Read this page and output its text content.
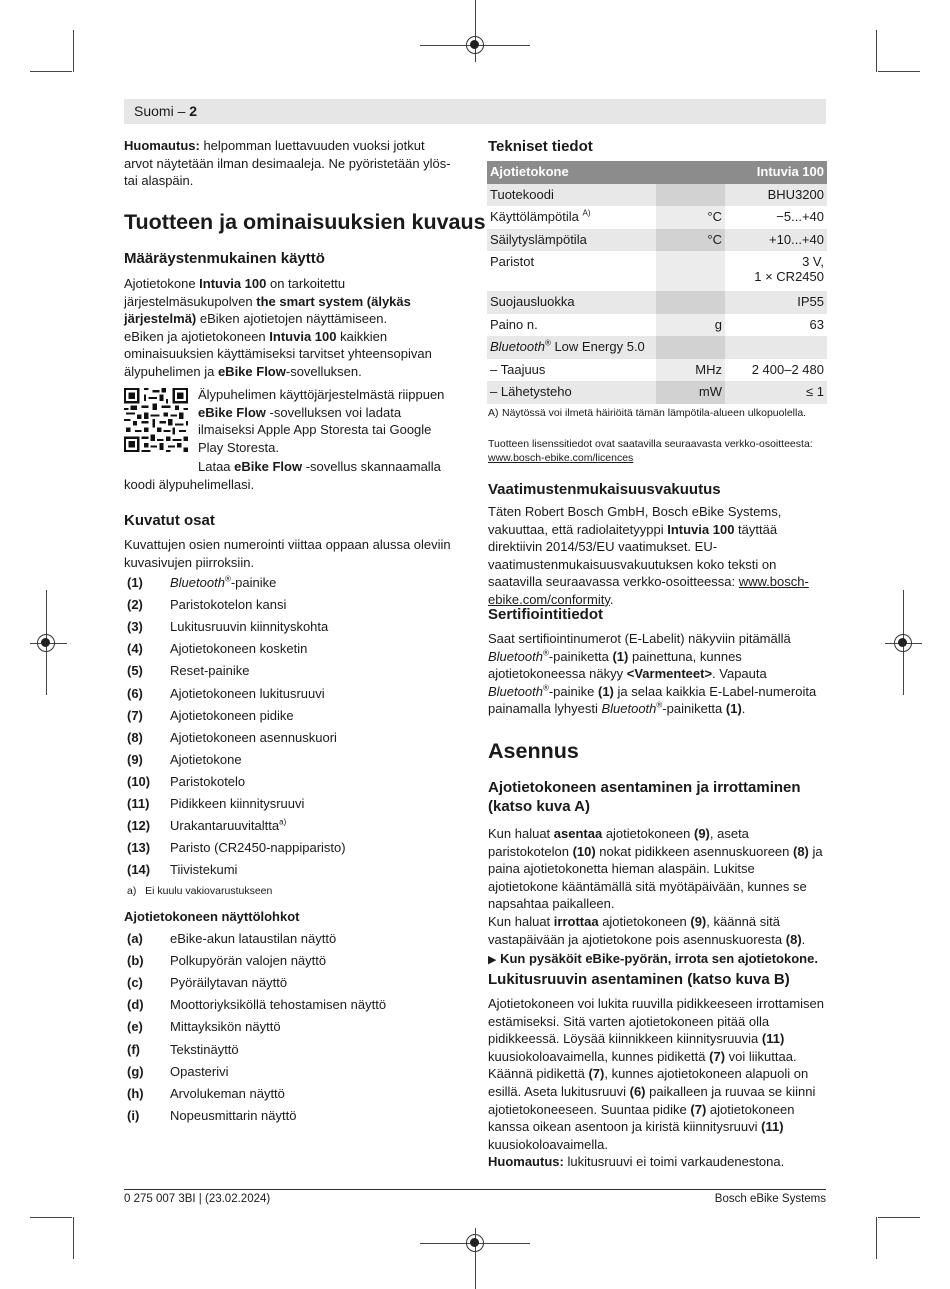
Suomi – 2

Huomautus: helpomman luettavuuden vuoksi jotkut arvot näytetään ilman desimaaleja. Ne pyöristetään ylös- tai alaspäin.

Tuotteen ja ominaisuuksien kuvaus
Määräystenmukainen käyttö

Ajotietokone Intuvia 100 on tarkoitettu järjestelmäsukupolven the smart system (älykäs järjestelmä) eBiken ajotietojen näyttämiseen.

eBiken ja ajotietokoneen Intuvia 100 kaikkien ominaisuuksien käyttämiseksi tarvitset yhteensopivan älypuhelimen ja eBike Flow-sovelluksen.

Älypuhelimen käyttöjärjestelmästä riippuen eBike Flow -sovelluksen voi ladata ilmaiseksi Apple App Storesta tai Google Play Storesta.

Lataa eBike Flow -sovellus skannaamalla koodi älypuhelimellasi.

Kuvatut osat
Kuvattujen osien numerointi viittaa oppaan alussa oleviin kuvasivujen piirroksiin.
(1) Bluetooth®-painike
(2) Paristokotelon kansi
(3) Lukitusruuvin kiinnityskohta
(4) Ajotietokoneen kosketin
(5) Reset-painike
(6) Ajotietokoneen lukitusruuvi
(7) Ajotietokoneen pidike
(8) Ajotietokoneen asennuskuori
(9) Ajotietokone
(10) Paristokotelo
(11) Pidikkeen kiinnitysruuvi
(12) Urakantaruuvitaltta$^{a)}$
(13) Paristo (CR2450-nappiparisto)
(14) Tiivistekumi
a) Ei kuulu vakiovarustukseen
Ajotietokoneen näyttölohkot
(a) eBike-akun lataustilan näyttö
(b) Polkupyörän valojen näyttö
(c) Pyöräilytavan näyttö
(d) Moottoriyksiköllä tehostamisen näyttö
(e) Mittayksikön näyttö
(f) Tekstinäyttö
(g) Opasterivi
(h) Arvolukeman näyttö
(i) Nopeusmittarin näyttö
Tekniset tiedot
Ajotietokone		Intuvia 100
Tuotekoodi		BHU3200

Käyttölämpötila $^{A)}$	°C	−5...+40

Säilytyslämpötila	°C	+10...+40

Paristot		3 V,
1 × CR2450

Suojausluokka		IP55

Paino n.	g	63

Bluetooth® Low Energy 5.0		

– Taajuus	MHz	2 400–2 480

– Lähetysteho	mW	≤ 1
A) Näytössä voi ilmetä häiriöitä tämän lämpötila-alueen ulkopuolella.
Tuotteen lisenssitiedot ovat saatavilla seuraavasta verkko-osoitteesta: www.bosch-ebike.com/licences
Vaatimustenmukaisuusvakuutus

Täten Robert Bosch GmbH, Bosch eBike Systems, vakuuttaa, että radiolaitetyyppi Intuvia 100 täyttää direktiivin 2014/53/EU vaatimukset. EU-vaatimustenmukaisuusvakuutuksen koko teksti on saatavilla seuraavassa verkko-osoitteessa: www.bosch-ebike.com/conformity.

Sertifiointitiedot

Saat sertifiointinumerot (E-Labelit) näkyviin pitämällä Bluetooth®-painiketta (1) painettuna, kunnes ajotietokoneessa näkyy <Varmenteet>. Vapauta Bluetooth®-painike (1) ja selaa kaikkia E-Label-numeroita painamalla lyhyesti Bluetooth®-painiketta (1).

Asennus
Ajotietokoneen asentaminen ja irrottaminen (katso kuva A)

Kun haluat asentaa ajotietokoneen (9), aseta paristokotelon (10) nokat pidikkeen asennuskuoreen (8) ja paina ajotietokonetta hieman alaspäin. Lukitse ajotietokone kääntämällä sitä myötäpäivään, kunnes se napsahtaa paikalleen.

Kun haluat irrottaa ajotietokoneen (9), käännä sitä vastapäivään ja ajotietokone pois asennuskuoresta (8).

▶ Kun pysäköit eBike-pyörän, irrota sen ajotietokone.

Lukitusruuvin asentaminen (katso kuva B)

Ajotietokoneen voi lukita ruuvilla pidikkeeseen irrottamisen estämiseksi. Sitä varten ajotietokoneen pitää olla pidikkeessä. Löysää kiinnikkeen kiinnitysruuvia (11) kuusiokoloavaimella, kunnes pidikettä (7) voi liikuttaa. Käännä pidikettä (7), kunnes ajotietokoneen alapuoli on esillä. Aseta lukitusruuvi (6) paikalleen ja ruuvaa se kiinni ajotietokoneeseen. Suuntaa pidike (7) ajotietokoneen kanssa oikean asentoon ja kiristä kiinnitysruuvi (11) kuusiokoloavaimella.

Huomautus: lukitusruuvi ei toimi varkaudenestona.

0 275 007 3BI | (23.02.2024)	Bosch eBike Systems
